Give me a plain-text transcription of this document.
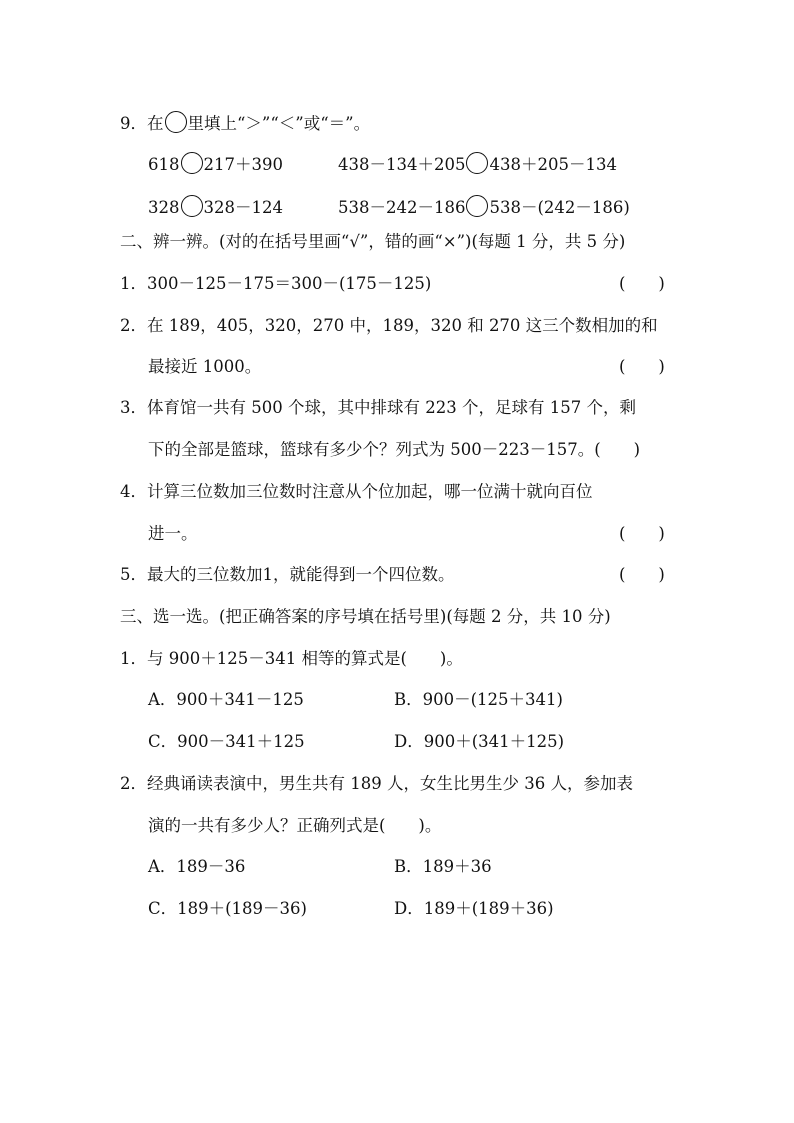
9．在 里填上“＞”“＜”或“＝”。
618 217＋390	438－134＋205 438＋205－134
328 328－124	538－242－186 538－(242－186)
二、辨一辨。(对的在括号里画“√”，错的画“×”)(每题 1 分，共 5 分)
1．300－125－175＝300－(175－125)	(　　)
2．在 189，405，320，270 中，189，320 和 270 这三个数相加的和
最接近 1000。	(　　)
3．体育馆一共有 500 个球，其中排球有 223 个，足球有 157 个，剩
下的全部是篮球，篮球有多少个？列式为 500－223－157。(　　)
4．计算三位数加三位数时注意从个位加起，哪一位满十就向百位
进一。	(　　)
5．最大的三位数加1，就能得到一个四位数。	(　　)
三、选一选。(把正确答案的序号填在括号里)(每题 2 分，共 10 分)
1．与 900＋125－341 相等的算式是(　　)。
A．900＋341－125	B．900－(125＋341)
C．900－341＋125	D．900＋(341＋125)
2．经典诵读表演中，男生共有 189 人，女生比男生少 36 人，参加表
演的一共有多少人？正确列式是(　　)。
A．189－36	B．189＋36
C．189＋(189－36)	D．189＋(189＋36)
